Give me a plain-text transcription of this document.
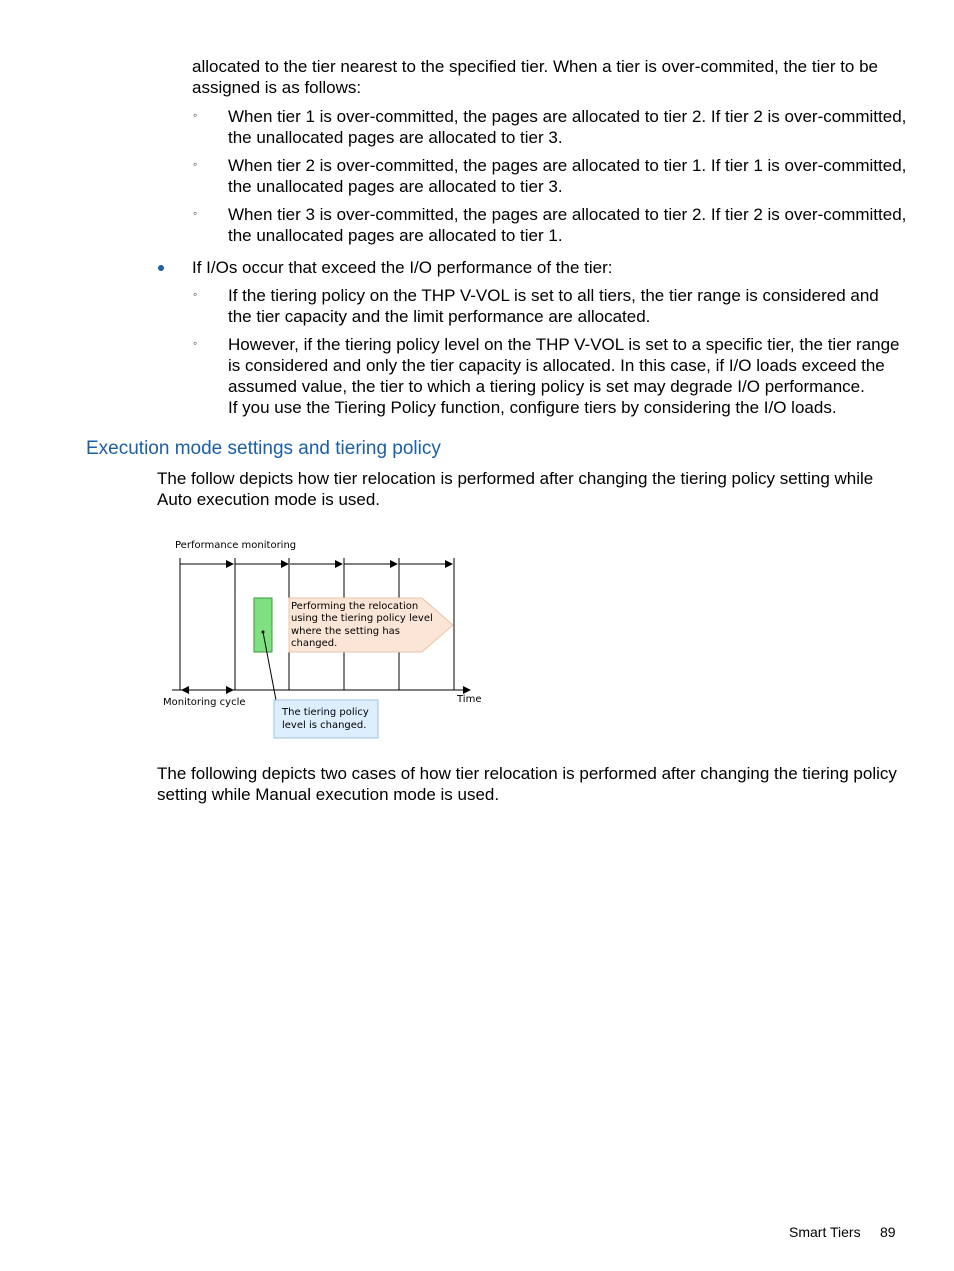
allocated to the tier nearest to the specified tier. When a tier is over-commited, the tier to be
assigned is as follows:
◦ When tier 1 is over-committed, the pages are allocated to tier 2. If tier 2 is over-committed,
the unallocated pages are allocated to tier 3.
◦ When tier 2 is over-committed, the pages are allocated to tier 1. If tier 1 is over-committed,
the unallocated pages are allocated to tier 3.
◦ When tier 3 is over-committed, the pages are allocated to tier 2. If tier 2 is over-committed,
the unallocated pages are allocated to tier 1.
If I/Os occur that exceed the I/O performance of the tier:
◦ If the tiering policy on the THP V-VOL is set to all tiers, the tier range is considered and
the tier capacity and the limit performance are allocated.
◦ However, if the tiering policy level on the THP V-VOL is set to a specific tier, the tier range
is considered and only the tier capacity is allocated. In this case, if I/O loads exceed the
assumed value, the tier to which a tiering policy is set may degrade I/O performance.
If you use the Tiering Policy function, configure tiers by considering the I/O loads.
Execution mode settings and tiering policy
The follow depicts how tier relocation is performed after changing the tiering policy setting while
Auto execution mode is used.
Performance monitoring
Performing the relocation
using the tiering policy level
where the setting has
changed.
Time
Monitoring cycle
The tiering policy
level is changed.
The following depicts two cases of how tier relocation is performed after changing the tiering policy
setting while Manual execution mode is used.
Smart Tiers 89
